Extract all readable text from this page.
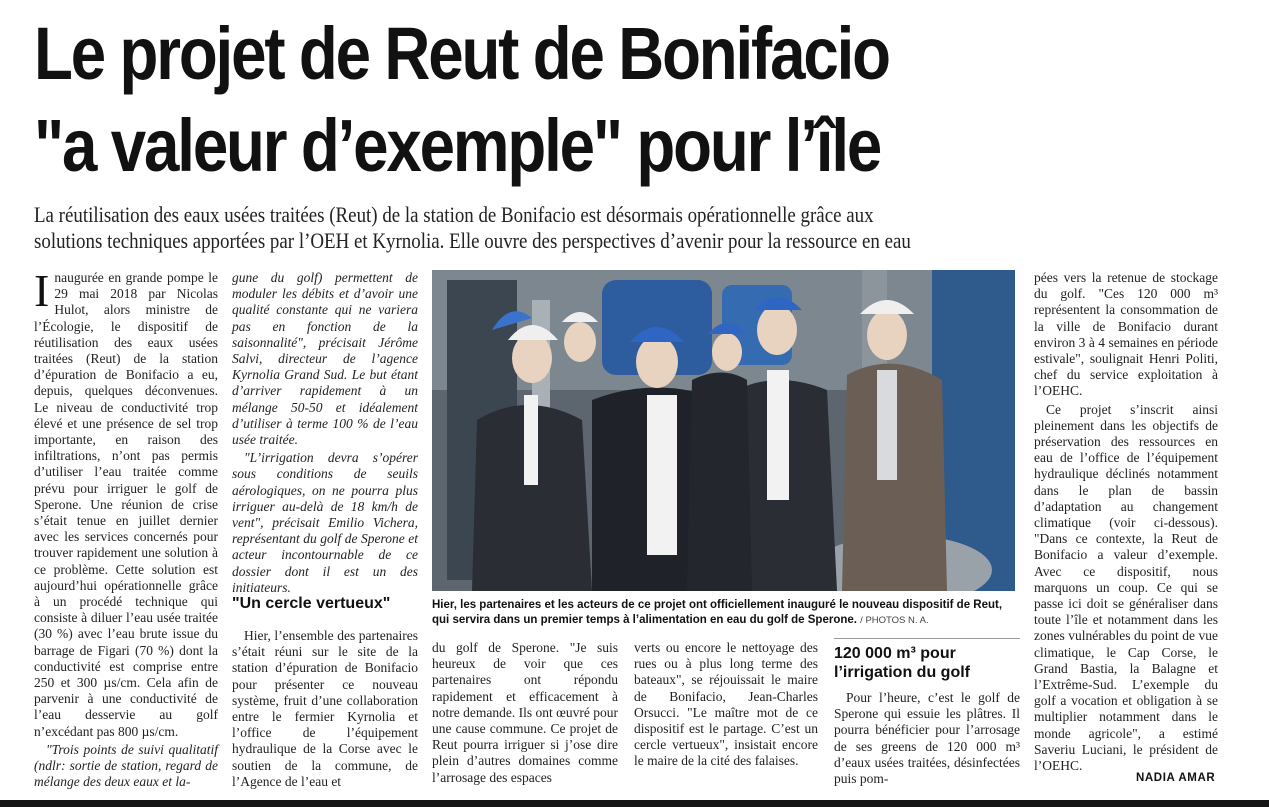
Le projet de Reut de Bonifacio
"a valeur d’exemple" pour l’île
La réutilisation des eaux usées traitées (Reut) de la station de Bonifacio est désormais opérationnelle grâce aux
solutions techniques apportées par l’OEH et Kyrnolia. Elle ouvre des perspectives d’avenir pour la ressource en eau

Inaugurée en grande pompe le 29 mai 2018 par Nicolas Hulot, alors ministre de l’Écologie, le dispositif de réutilisation des eaux usées traitées (Reut) de la station d’épuration de Bonifacio a eu, depuis, quelques déconvenues. Le niveau de conductivité trop élevé et une présence de sel trop importante, en raison des infiltrations, n’ont pas permis d’utiliser l’eau traitée comme prévu pour irriguer le golf de Sperone. Une réunion de crise s’était tenue en juillet dernier avec les services concernés pour trouver rapidement une solution à ce problème. Cette solution est aujourd’hui opérationnelle grâce à un procédé technique qui consiste à diluer l’eau usée traitée (30 %) avec l’eau brute issue du barrage de Figari (70 %) dont la conductivité est comprise entre 250 et 300 µs/cm. Cela afin de parvenir à une conductivité de l’eau desservie au golf n’excédant pas 800 µs/cm.

"Trois points de suivi qualitatif (ndlr: sortie de station, regard de mélange des deux eaux et la-

gune du golf) permettent de moduler les débits et d’avoir une qualité constante qui ne variera pas en fonction de la saisonnalité", précisait Jérôme Salvi, directeur de l’agence Kyrnolia Grand Sud. Le but étant d’arriver rapidement à un mélange 50-50 et idéalement d’utiliser à terme 100 % de l’eau usée traitée.

"L’irrigation devra s’opérer sous conditions de seuils aérologiques, on ne pourra plus irriguer au-delà de 18 km/h de vent", précisait Emilio Vichera, représentant du golf de Sperone et acteur incontournable de ce dossier dont il est un des initiateurs.

"Un cercle vertueux"

Hier, l’ensemble des partenaires s’était réuni sur le site de la station d’épuration de Bonifacio pour présenter ce nouveau système, fruit d’une collaboration entre le fermier Kyrnolia et l’office de l’équipement hydraulique de la Corse avec le soutien de la commune, de l’Agence de l’eau et

Hier, les partenaires et les acteurs de ce projet ont officiellement inauguré le nouveau dispositif de Reut, qui servira dans un premier temps à l’alimentation en eau du golf de Sperone. / PHOTOS N. A.

du golf de Sperone. "Je suis heureux de voir que ces partenaires ont répondu rapidement et efficacement à notre demande. Ils ont œuvré pour une cause commune. Ce projet de Reut pourra irriguer si j’ose dire plein d’autres domaines comme l’arrosage des espaces

verts ou encore le nettoyage des rues ou à plus long terme des bateaux", se réjouissait le maire de Bonifacio, Jean-Charles Orsucci. "Le maître mot de ce dispositif est le partage. C’est un cercle vertueux", insistait encore le maire de la cité des falaises.

120 000 m³ pour l’irrigation du golf

Pour l’heure, c’est le golf de Sperone qui essuie les plâtres. Il pourra bénéficier pour l’arrosage de ses greens de 120 000 m³ d’eaux usées traitées, désinfectées puis pom-

pées vers la retenue de stockage du golf. "Ces 120 000 m³ représentent la consommation de la ville de Bonifacio durant environ 3 à 4 semaines en période estivale", soulignait Henri Politi, chef du service exploitation à l’OEHC.

Ce projet s’inscrit ainsi pleinement dans les objectifs de préservation des ressources en eau de l’office de l’équipement hydraulique déclinés notamment dans le plan de bassin d’adaptation au changement climatique (voir ci-dessous). "Dans ce contexte, la Reut de Bonifacio a valeur d’exemple. Avec ce dispositif, nous marquons un coup. Ce qui se passe ici doit se généraliser dans toute l’île et notamment dans les zones vulnérables du point de vue climatique, le Cap Corse, le Grand Bastia, la Balagne et l’Extrême-Sud. L’exemple du golf a vocation et obligation à se multiplier notamment dans le monde agricole", a estimé Saveriu Luciani, le président de l’OEHC.

NADIA AMAR
